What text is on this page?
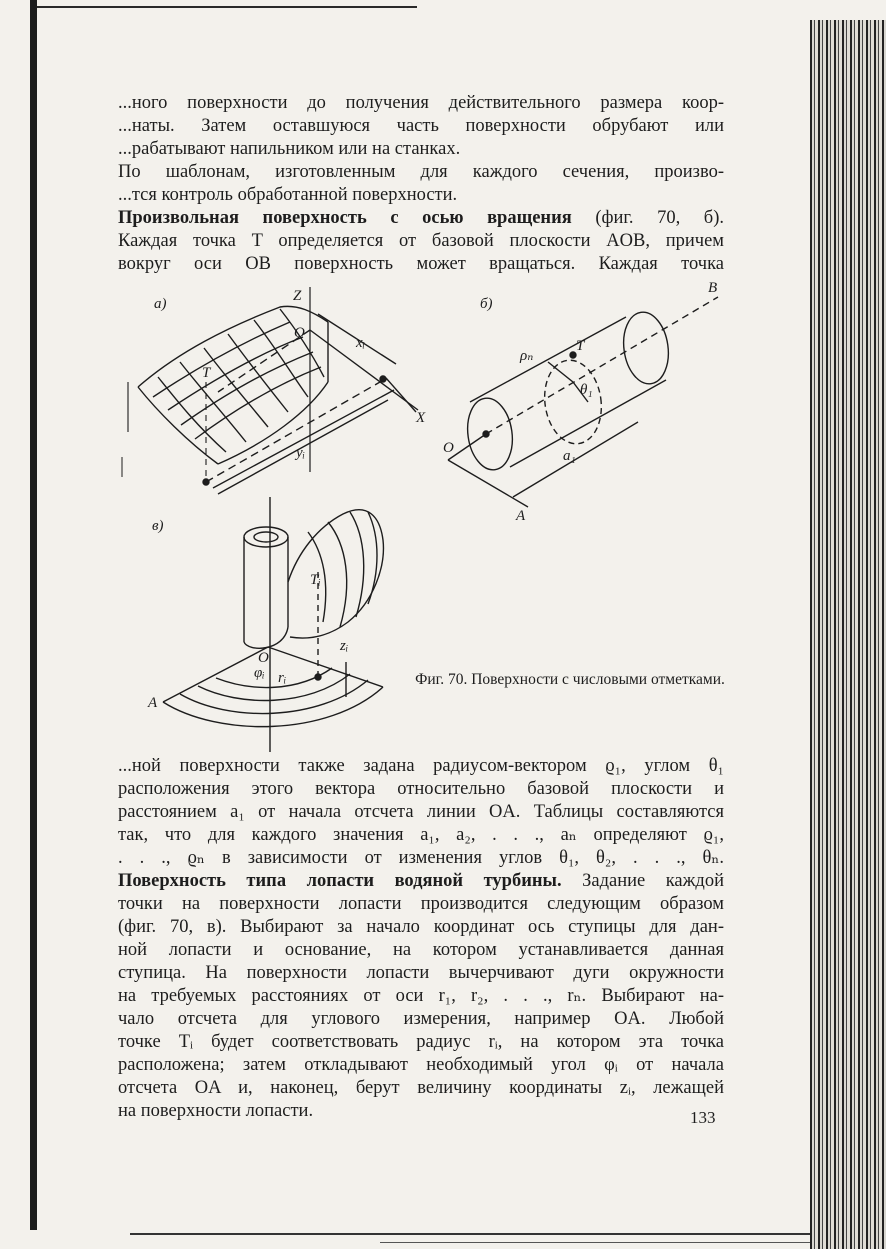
...ного поверхности до получения действительного размера коор-

...наты. Затем оставшуюся часть поверхности обрубают или

...рабатывают напильником или на станках.

По шаблонам, изготовленным для каждого сечения, произво-

...тся контроль обработанной поверхности.

Произвольная поверхность с осью вращения (фиг. 70, б).

Каждая точка T определяется от базовой плоскости AOB, причем

вокруг оси OB поверхность может вращаться. Каждая точка

а)	Z
O
X
xᵢ
yᵢ
T
б)
B
O
A
ρₙ
T
θ₁
a₁
в)
Tᵢ
zᵢ
O
φᵢ rᵢ
A
Фиг. 70. Поверхности с числовыми отметками.

...ной поверхности также задана радиусом-вектором ϱ₁, углом θ₁

расположения этого вектора относительно базовой плоскости и

расстоянием a₁ от начала отсчета линии OA. Таблицы составляются

так, что для каждого значения a₁, a₂, . . ., aₙ определяют ϱ₁,

. . ., ϱₙ в зависимости от изменения углов θ₁, θ₂, . . ., θₙ.

Поверхность типа лопасти водяной турбины. Задание каждой

точки на поверхности лопасти производится следующим образом

(фиг. 70, в). Выбирают за начало координат ось ступицы для дан-

ной лопасти и основание, на котором устанавливается данная

ступица. На поверхности лопасти вычерчивают дуги окружности

на требуемых расстояниях от оси r₁, r₂, . . ., rₙ. Выбирают на-

чало отсчета для углового измерения, например OA. Любой

точке Tᵢ будет соответствовать радиус rᵢ, на котором эта точка

расположена; затем откладывают необходимый угол φᵢ от начала

отсчета OA и, наконец, берут величину координаты zᵢ, лежащей

на поверхности лопасти.	133
